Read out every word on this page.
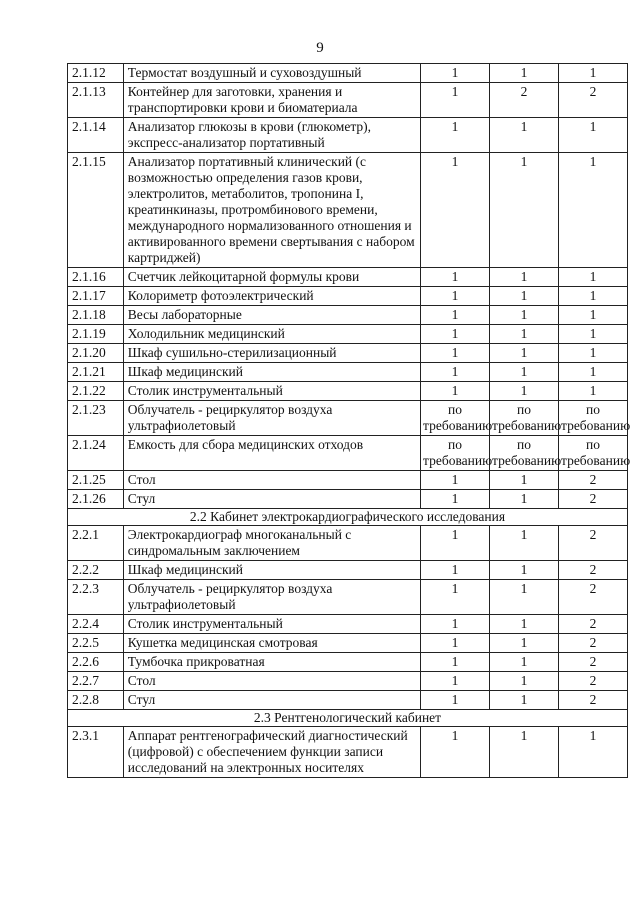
9
2.1.12	Термостат воздушный и суховоздушный	1	1	1
2.1.13	Контейнер для заготовки, хранения и транспортировки крови и биоматериала	1	2	2
2.1.14	Анализатор глюкозы в крови (глюкометр), экспресс-анализатор портативный	1	1	1
2.1.15	Анализатор портативный клинический (с возможностью определения газов крови, электролитов, метаболитов, тропонина I, креатинкиназы, протромбинового времени, международного нормализованного отношения и активированного времени свертывания с набором картриджей)	1	1	1
2.1.16	Счетчик лейкоцитарной формулы крови	1	1	1
2.1.17	Колориметр фотоэлектрический	1	1	1
2.1.18	Весы лабораторные	1	1	1
2.1.19	Холодильник медицинский	1	1	1
2.1.20	Шкаф сушильно-стерилизационный	1	1	1
2.1.21	Шкаф медицинский	1	1	1
2.1.22	Столик инструментальный	1	1	1
2.1.23	Облучатель - рециркулятор воздуха ультрафиолетовый	по требованию	по требованию	по требованию
2.1.24	Емкость для сбора медицинских отходов	по требованию	по требованию	по требованию
2.1.25	Стол	1	1	2
2.1.26	Стул	1	1	2
2.2 Кабинет электрокардиографического исследования				
2.2.1	Электрокардиограф многоканальный с синдромальным заключением	1	1	2
2.2.2	Шкаф медицинский	1	1	2
2.2.3	Облучатель - рециркулятор воздуха ультрафиолетовый	1	1	2
2.2.4	Столик инструментальный	1	1	2
2.2.5	Кушетка медицинская смотровая	1	1	2
2.2.6	Тумбочка прикроватная	1	1	2
2.2.7	Стол	1	1	2
2.2.8	Стул	1	1	2
2.3 Рентгенологический кабинет				
2.3.1	Аппарат рентгенографический диагностический (цифровой) с обеспечением функции записи исследований на электронных носителях	1	1	1
